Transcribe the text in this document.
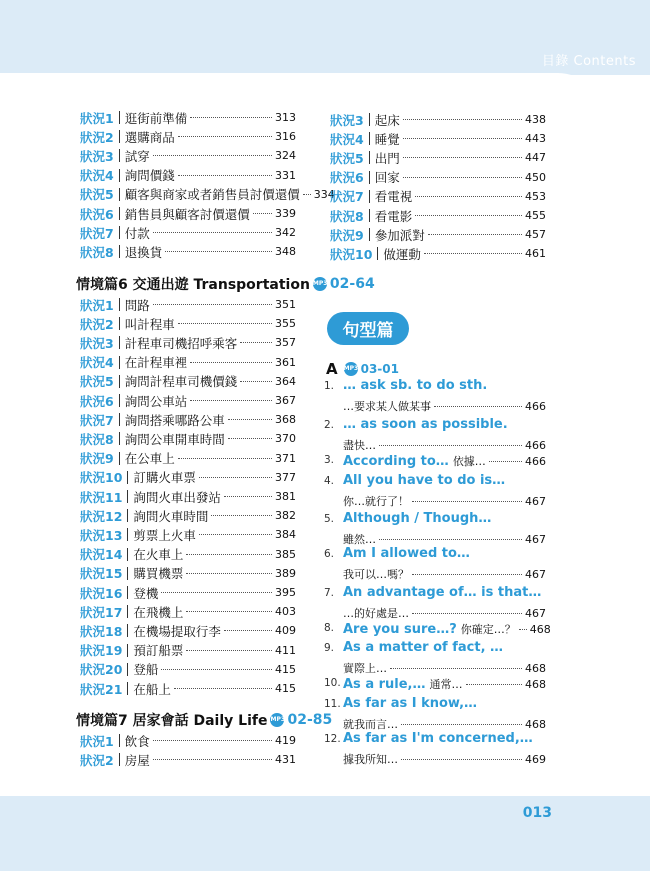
目錄 Contents
013
狀況1 逛街前準備	313
狀況2 選購商品	316
狀況3 試穿	324
狀況4 詢問價錢	331
狀況5 顧客與商家或者銷售員討價還價 334
狀況6 銷售員與顧客討價還價 339
狀況7 付款	342
狀況8 退換貨	348
狀況1 問路	351
狀況2 叫計程車	355
狀況3 計程車司機招呼乘客	357
狀況4 在計程車裡	361
狀況5 詢問計程車司機價錢	364
狀況6 詢問公車站	367
狀況7 詢問搭乘哪路公車	368
狀況8 詢問公車開車時間	370
狀況9 在公車上	371
狀況10 訂購火車票	377
狀況11 詢問火車出發站	381
狀況12 詢問火車時間	382
狀況13 剪票上火車	384
狀況14 在火車上	385
狀況15 購買機票	389
狀況16 登機	395
狀況17 在飛機上	403
狀況18 在機場提取行李	409
狀況19 預訂船票	411
狀況20 登船	415
狀況21 在船上	415
狀況1 飲食	419
狀況2 房屋	431
狀況3 起床	438
狀況4 睡覺	443
狀況5 出門	447
狀況6 回家	450
狀況7 看電視	453
狀況8 看電影	455
狀況9 參加派對	457
狀況10 做運動	461
情境篇6 交通出遊 Transportation MP3 02-64
情境篇7 居家會話 Daily Life MP3 02-85
句型篇
A MP3 03-01
1. … ask sb. to do sth.
…要求某人做某事	466
2. … as soon as possible.
盡快…	466
3. According to… 依據…	466
4. All you have to do is…
你…就行了！	467
5. Although / Though…
雖然…	467
6. Am I allowed to…
我可以…嗎？	467
7. An advantage of… is that…
…的好處是…	467
8. Are you sure…? 你確定…？ 468
9. As a matter of fact, …
實際上…	468
10. As a rule,… 通常…	468
11. As far as I know,…
就我而言…	468
12. As far as I'm concerned,…
據我所知…	469
